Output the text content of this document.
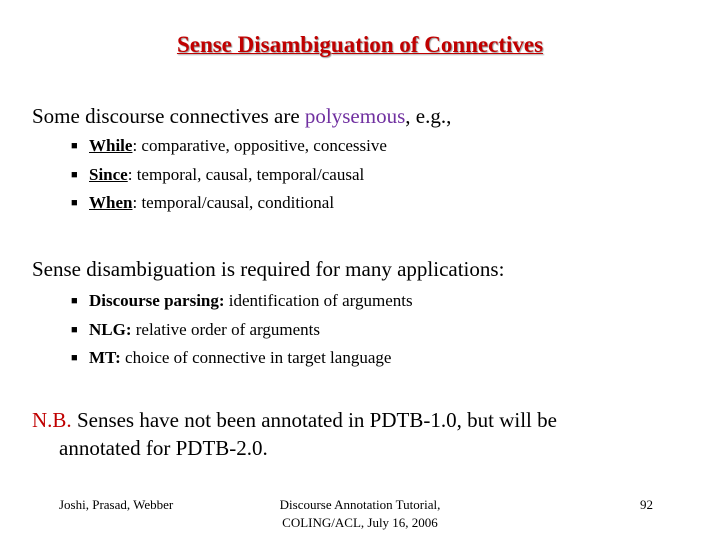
Sense Disambiguation of Connectives
Some discourse connectives are polysemous, e.g.,
■ While: comparative, oppositive, concessive
■ Since: temporal, causal, temporal/causal
■ When: temporal/causal, conditional
Sense disambiguation is required for many applications:
■ Discourse parsing: identification of arguments
■ NLG: relative order of arguments
■ MT: choice of connective in target language
N.B. Senses have not been annotated in PDTB-1.0, but will be
annotated for PDTB-2.0.
Joshi, Prasad, Webber	Discourse Annotation Tutorial,
COLING/ACL, July 16, 2006
92
